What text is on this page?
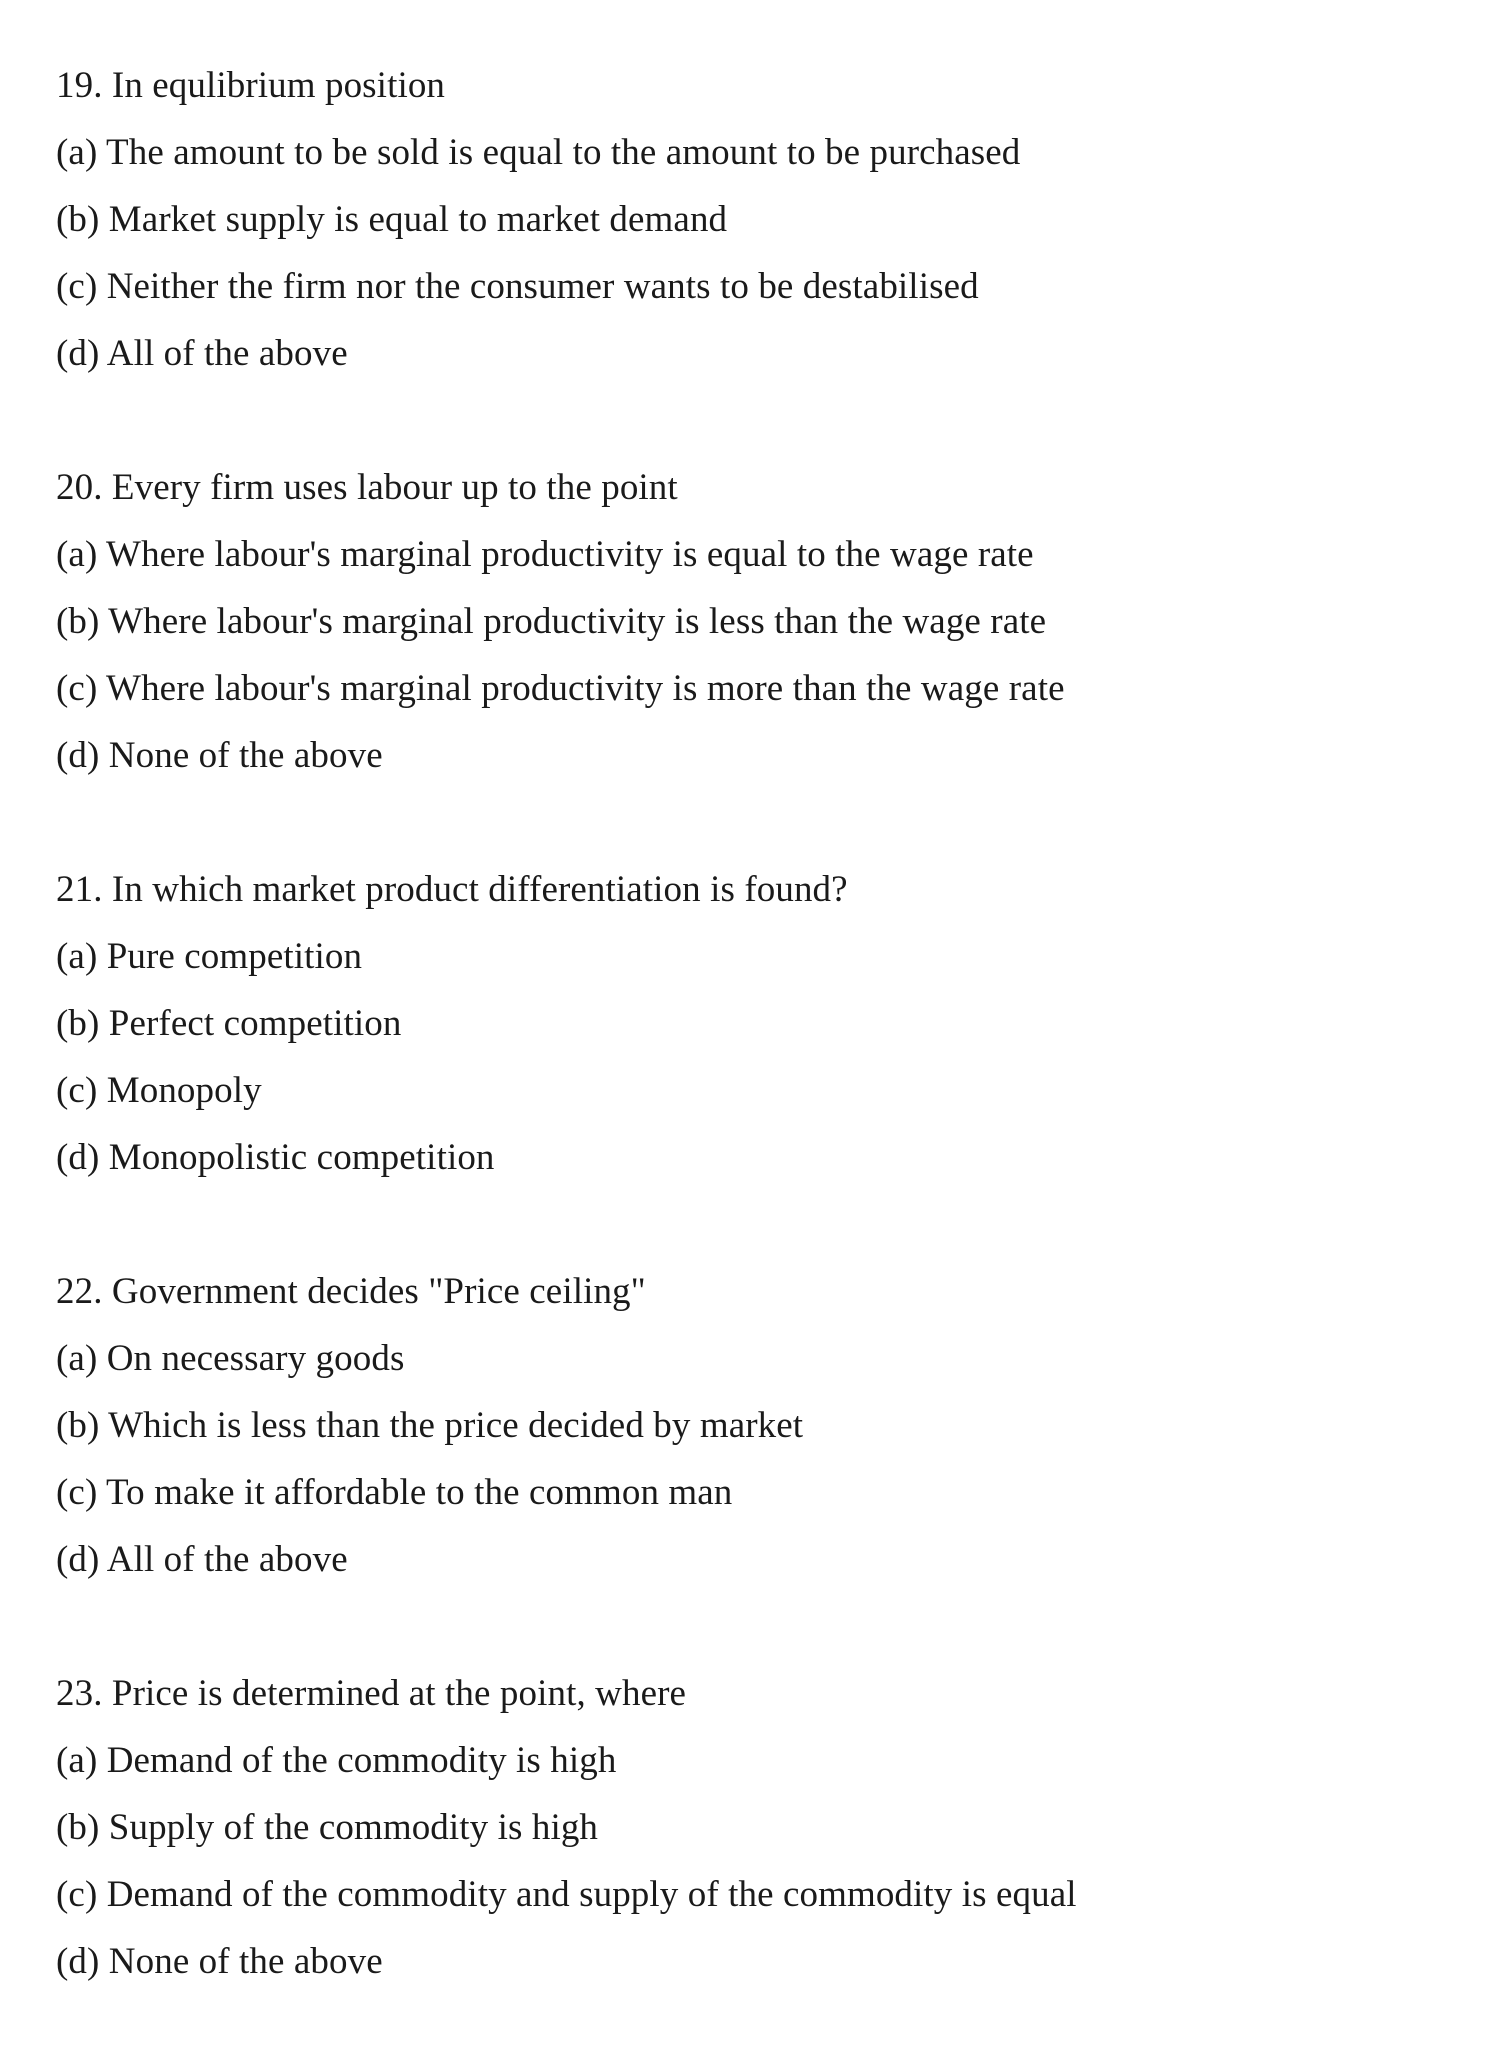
19. In equlibrium position
(a) The amount to be sold is equal to the amount to be purchased
(b) Market supply is equal to market demand
(c) Neither the firm nor the consumer wants to be destabilised
(d) All of the above
20. Every firm uses labour up to the point
(a) Where labour's marginal productivity is equal to the wage rate
(b) Where labour's marginal productivity is less than the wage rate
(c) Where labour's marginal productivity is more than the wage rate
(d) None of the above
21. In which market product differentiation is found?
(a) Pure competition
(b) Perfect competition
(c) Monopoly
(d) Monopolistic competition
22. Government decides "Price ceiling"
(a) On necessary goods
(b) Which is less than the price decided by market
(c) To make it affordable to the common man
(d) All of the above
23. Price is determined at the point, where
(a) Demand of the commodity is high
(b) Supply of the commodity is high
(c) Demand of the commodity and supply of the commodity is equal
(d) None of the above
